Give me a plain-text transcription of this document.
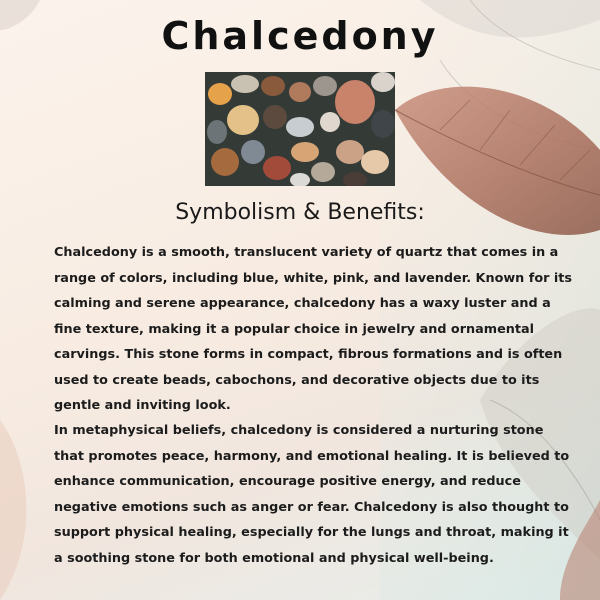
Chalcedony
Symbolism & Benefits:

Chalcedony is a smooth, translucent variety of quartz that comes in a range of colors, including blue, white, pink, and lavender. Known for its calming and serene appearance, chalcedony has a waxy luster and a fine texture, making it a popular choice in jewelry and ornamental carvings. This stone forms in compact, fibrous formations and is often used to create beads, cabochons, and decorative objects due to its gentle and inviting look.

In metaphysical beliefs, chalcedony is considered a nurturing stone that promotes peace, harmony, and emotional healing. It is believed to enhance communication, encourage positive energy, and reduce negative emotions such as anger or fear. Chalcedony is also thought to support physical healing, especially for the lungs and throat, making it a soothing stone for both emotional and physical well-being.
